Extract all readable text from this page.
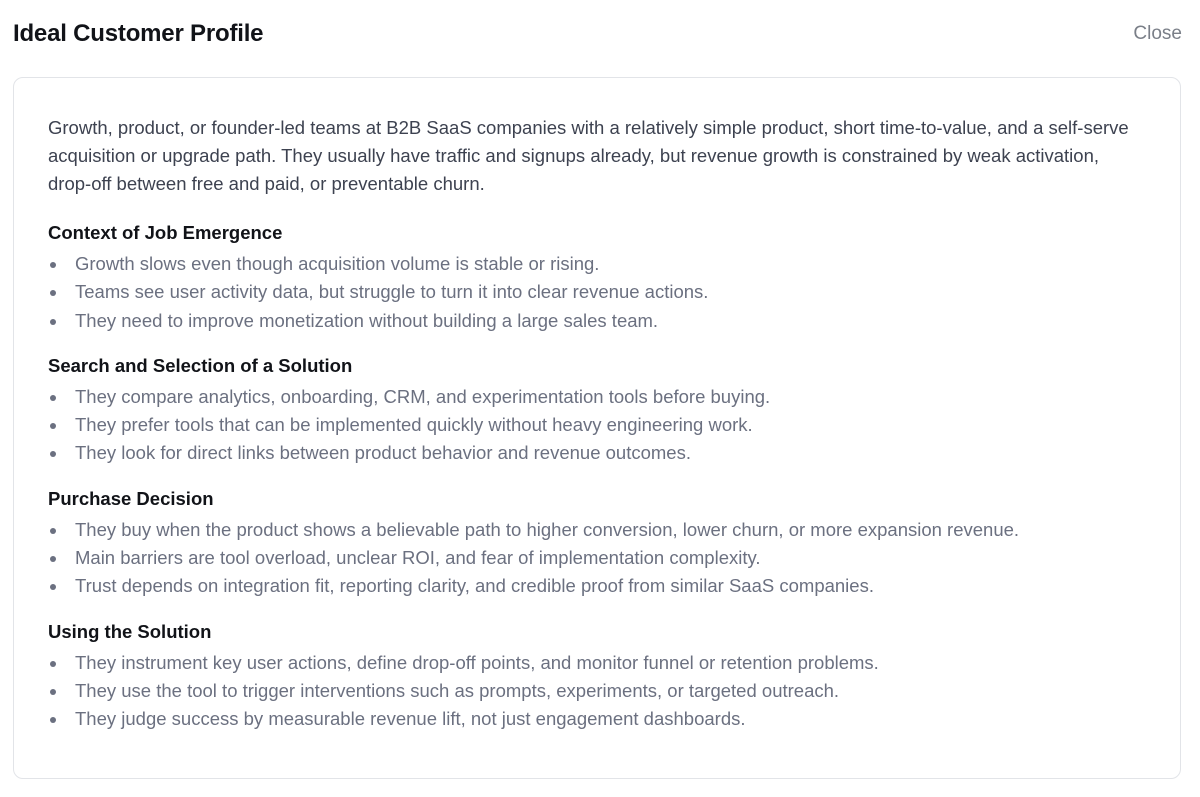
Ideal Customer Profile	Close

Growth, product, or founder-led teams at B2B SaaS companies with a relatively simple product, short time-to-value, and a self-serve acquisition or upgrade path. They usually have traffic and signups already, but revenue growth is constrained by weak activation, drop-off between free and paid, or preventable churn.

Context of Job Emergence
Growth slows even though acquisition volume is stable or rising.
Teams see user activity data, but struggle to turn it into clear revenue actions.
They need to improve monetization without building a large sales team.
Search and Selection of a Solution
They compare analytics, onboarding, CRM, and experimentation tools before buying.
They prefer tools that can be implemented quickly without heavy engineering work.
They look for direct links between product behavior and revenue outcomes.
Purchase Decision
They buy when the product shows a believable path to higher conversion, lower churn, or more expansion revenue.
Main barriers are tool overload, unclear ROI, and fear of implementation complexity.
Trust depends on integration fit, reporting clarity, and credible proof from similar SaaS companies.
Using the Solution
They instrument key user actions, define drop-off points, and monitor funnel or retention problems.
They use the tool to trigger interventions such as prompts, experiments, or targeted outreach.
They judge success by measurable revenue lift, not just engagement dashboards.
